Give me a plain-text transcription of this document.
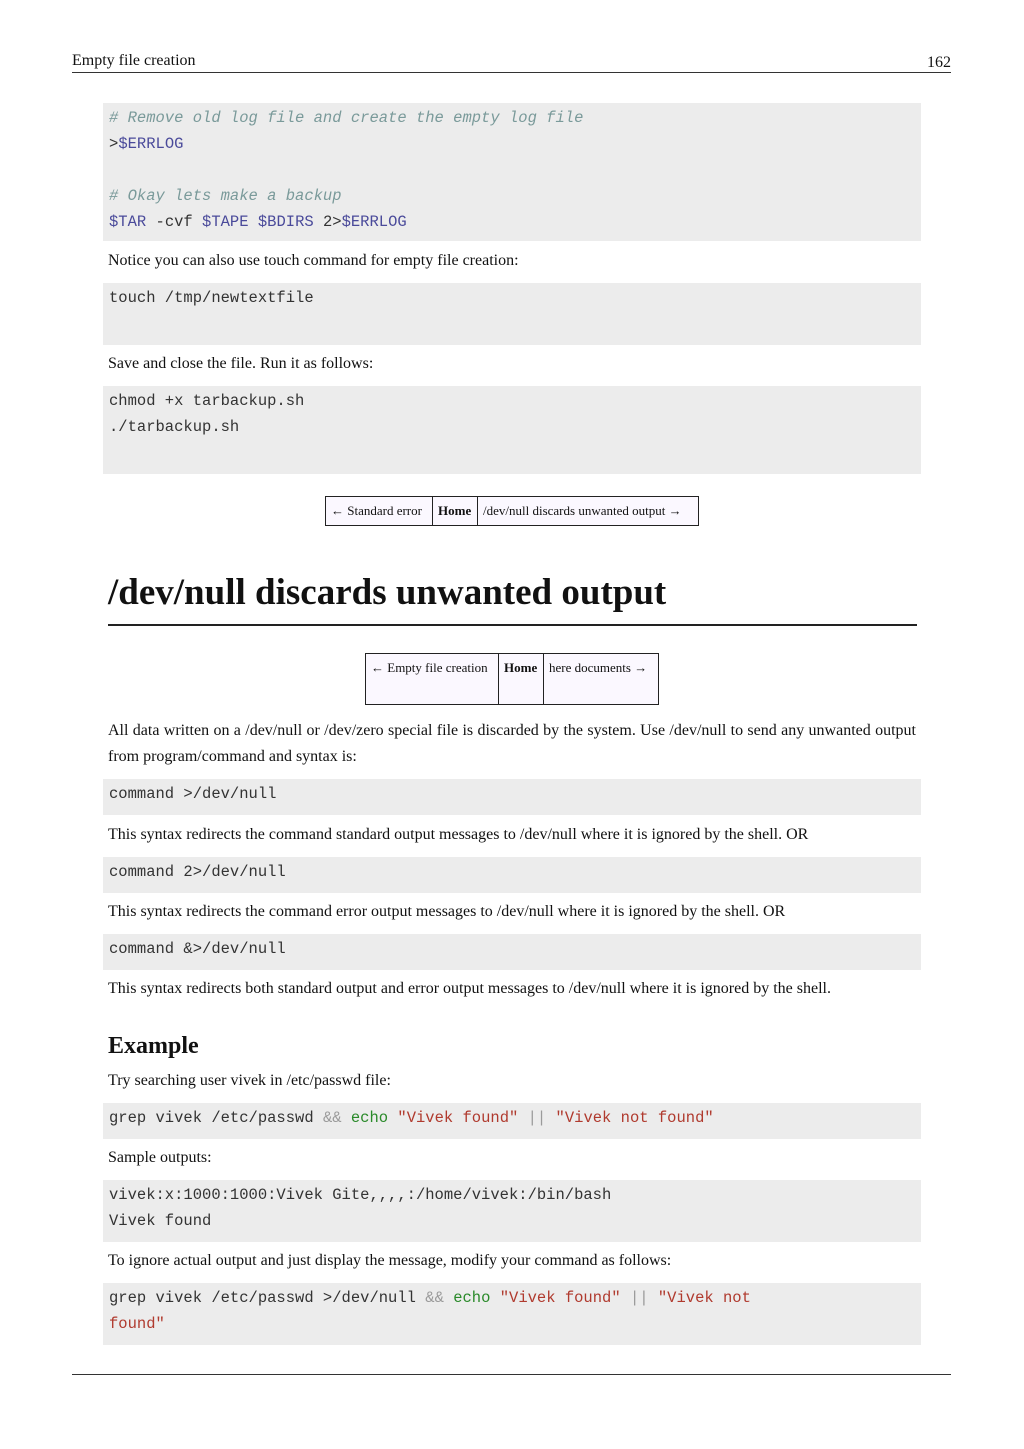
Empty file creation	162
# Remove old log file and create the empty log file
>$ERRLOG

# Okay lets make a backup
$TAR -cvf $TAPE $BDIRS 2>$ERRLOG
Notice you can also use touch command for empty file creation:
touch /tmp/newtextfile
Save and close the file. Run it as follows:
chmod +x tarbackup.sh
./tarbackup.sh
← Standard error	Home	/dev/null discards unwanted output →
/dev/null discards unwanted output
← Empty file creation	Home	here documents →
All data written on a /dev/null or /dev/zero special file is discarded by the system. Use /dev/null to send any unwanted output from program/command and syntax is:
command >/dev/null
This syntax redirects the command standard output messages to /dev/null where it is ignored by the shell. OR
command 2>/dev/null
This syntax redirects the command error output messages to /dev/null where it is ignored by the shell. OR
command &>/dev/null
This syntax redirects both standard output and error output messages to /dev/null where it is ignored by the shell.
Example
Try searching user vivek in /etc/passwd file:
grep vivek /etc/passwd && echo "Vivek found" || "Vivek not found"
Sample outputs:
vivek:x:1000:1000:Vivek Gite,,,,:/home/vivek:/bin/bash
Vivek found
To ignore actual output and just display the message, modify your command as follows:
grep vivek /etc/passwd >/dev/null && echo "Vivek found" || "Vivek not
found"
